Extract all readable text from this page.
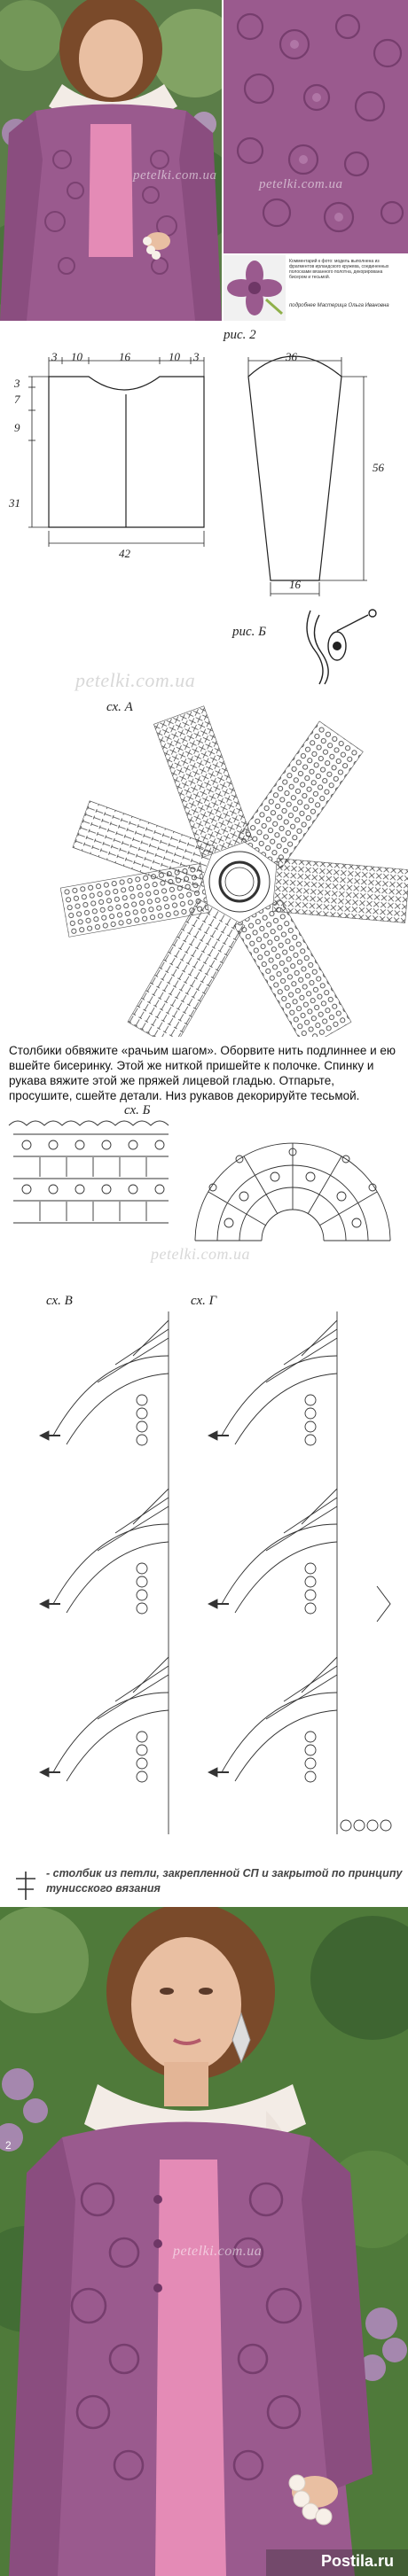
petelki.com.ua
petelki.com.ua
Комментарий к фото: модель выполнена из
фрагментов ирландского кружева, соединенных
полосками вязанного полотна, декорирована
бисером и тесьмой.
подробнее Мастерица Ольга Ивановна
рис. 2
3 10	16	10 3
3
7
9
31
42
36
56
16
рис. Б
petelki.com.ua
сх. А
Столбики обвяжите «рачьим шагом». Оборвите нить подлиннее и ею вшейте бисеринку. Этой же ниткой пришейте к полочке. Спинку и рукава вяжите этой же пряжей лицевой гладью. Отпарьте, просушите, сшейте детали. Низ рукавов декорируйте тесьмой.
сх. Б
petelki.com.ua
сх. В	сх. Г
- столбик из петли, закрепленной СП и закрытой по принципу тунисского вязания
2
petelki.com.ua
Postila.ru
